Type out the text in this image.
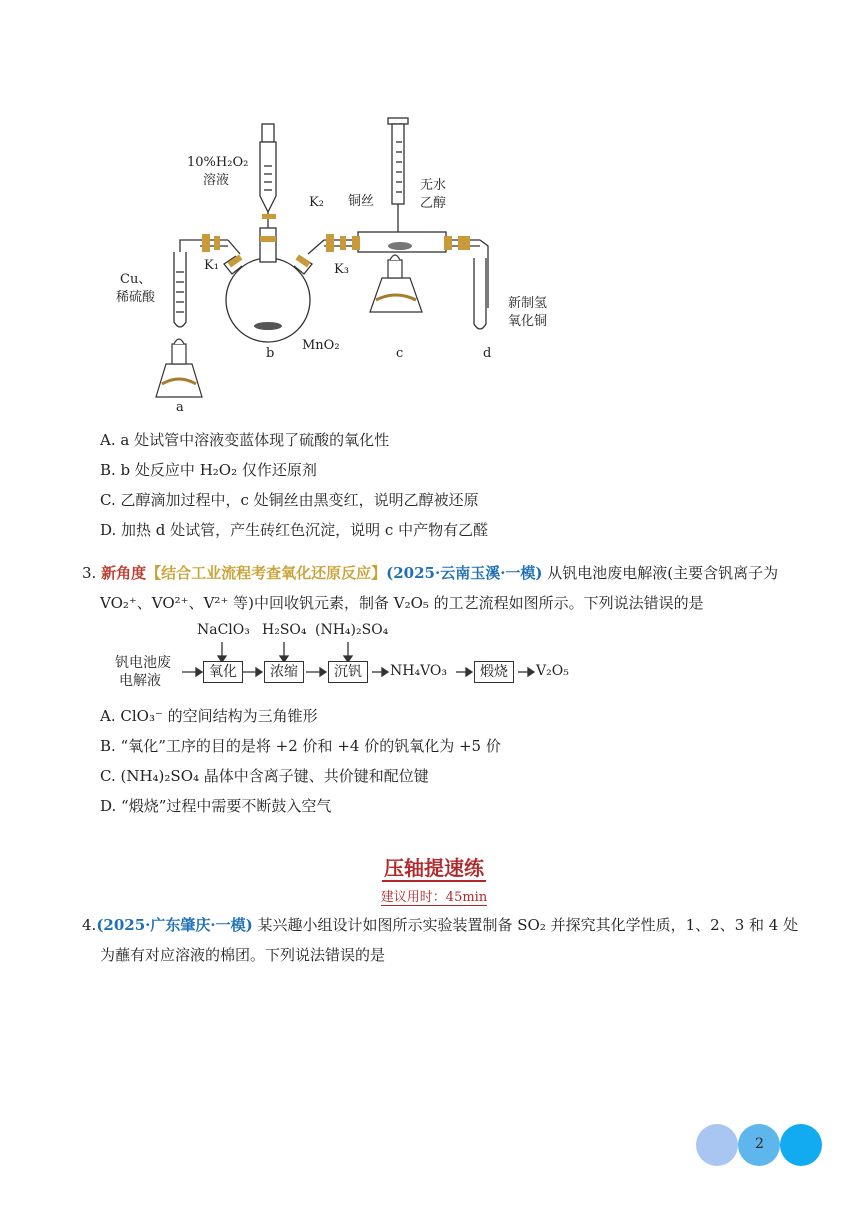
10%H₂O₂
溶液
K₂
K₁	K₃
Cu、
稀硫酸
MnO₂
铜丝
无水
乙醇
新制氢
氧化铜
a
b	c	d
A. a 处试管中溶液变蓝体现了硫酸的氧化性
B. b 处反应中 H₂O₂ 仅作还原剂
C. 乙醇滴加过程中，c 处铜丝由黑变红，说明乙醇被还原
D. 加热 d 处试管，产生砖红色沉淀，说明 c 中产物有乙醛
3. 新角度【结合工业流程考查氧化还原反应】(2025·云南玉溪·一模) 从钒电池废电解液(主要含钒离子为
VO₂⁺、VO²⁺、V²⁺ 等)中回收钒元素，制备 V₂O₅ 的工艺流程如图所示。下列说法错误的是
NaClO₃ H₂SO₄ (NH₄)₂SO₄
钒电池废
电解液
氧化	浓缩	沉钒	NH₄VO₃	煅烧	V₂O₅
A. ClO₃⁻ 的空间结构为三角锥形
B. “氧化”工序的目的是将 +2 价和 +4 价的钒氧化为 +5 价
C. (NH₄)₂SO₄ 晶体中含离子键、共价键和配位键
D. “煅烧”过程中需要不断鼓入空气
压轴提速练
建议用时：45min
4.(2025·广东肇庆·一模) 某兴趣小组设计如图所示实验装置制备 SO₂ 并探究其化学性质，1、2、3 和 4 处
为蘸有对应溶液的棉团。下列说法错误的是
2
